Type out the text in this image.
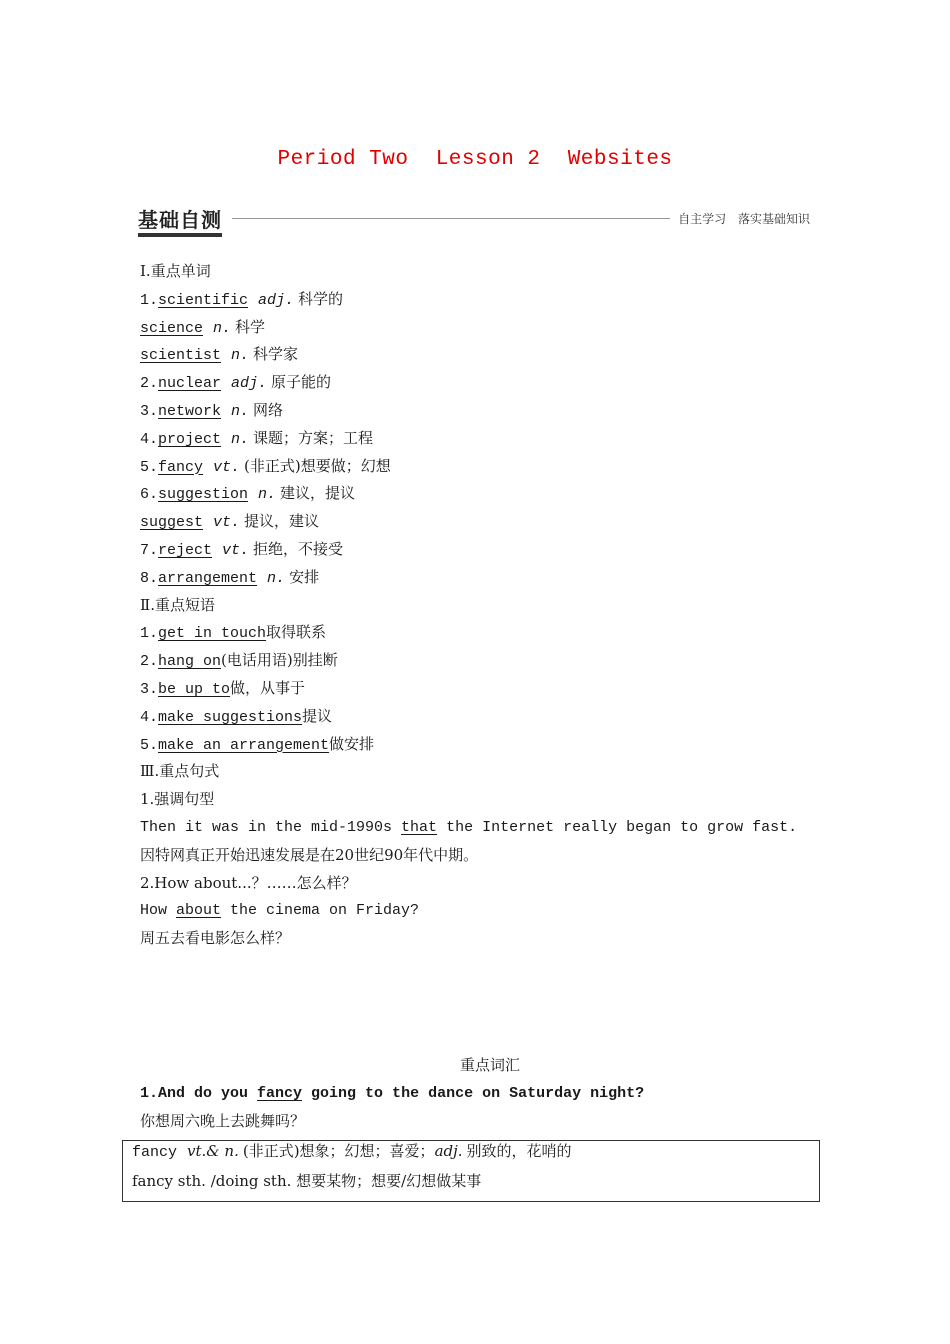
Period Two Lesson 2 Websites
基础自测	自主学习 落实基础知识
Ⅰ.重点单词
1.scientific adj. 科学的
science n. 科学
scientist n. 科学家
2.nuclear adj. 原子能的
3.network n. 网络
4.project n. 课题；方案；工程
5.fancy vt. (非正式)想要做；幻想
6.suggestion n. 建议，提议
suggest vt. 提议，建议
7.reject vt. 拒绝，不接受
8.arrangement n. 安排
Ⅱ.重点短语
1.get in touch取得联系
2.hang on(电话用语)别挂断
3.be up to做，从事于
4.make suggestions提议
5.make an arrangement做安排
Ⅲ.重点句式
1.强调句型
Then it was in the mid-1990s that the Internet really began to grow fast.
因特网真正开始迅速发展是在20世纪90年代中期。
2.How about...？……怎么样？
How about the cinema on Friday?
周五去看电影怎么样？
重点词汇
1.And do you fancy going to the dance on Saturday night?
你想周六晚上去跳舞吗？
fancy vt.& n. (非正式)想象；幻想；喜爱；adj. 别致的，花哨的
fancy sth. /doing sth. 想要某物；想要/幻想做某事
